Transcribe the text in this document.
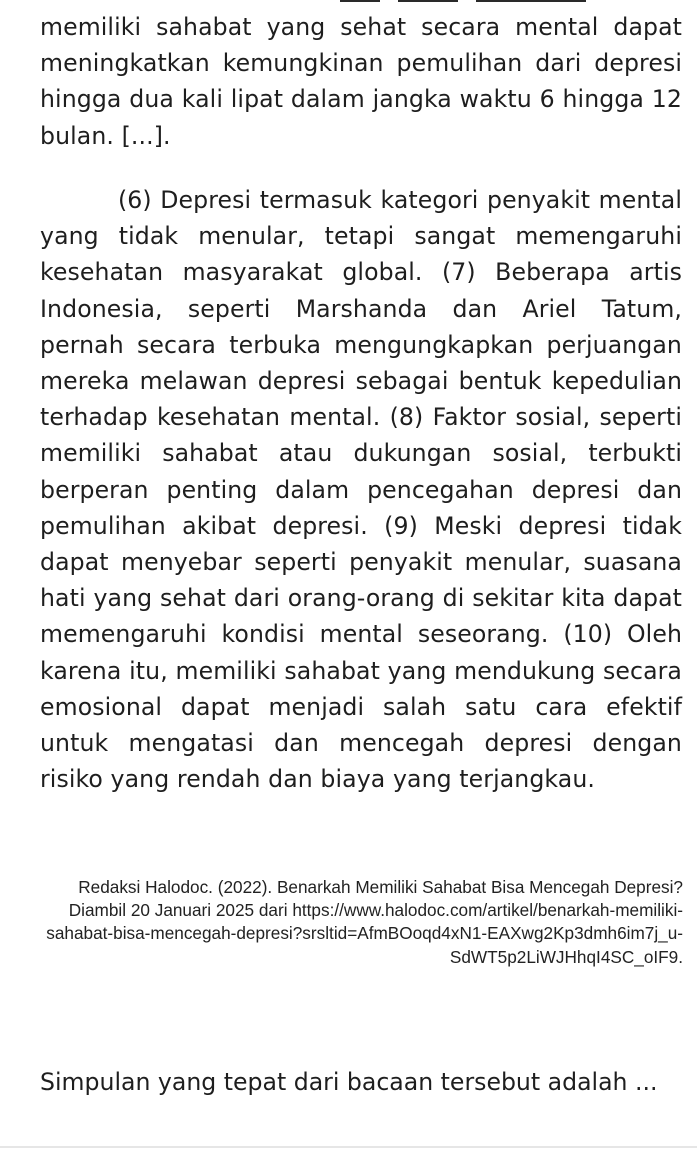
memiliki sahabat yang sehat secara mental dapat meningkatkan kemungkinan pemulihan dari depresi hingga dua kali lipat dalam jangka waktu 6 hingga 12 bulan. [...].

(6) Depresi termasuk kategori penyakit mental yang tidak menular, tetapi sangat memengaruhi kesehatan masyarakat global. (7) Beberapa artis Indonesia, seperti Marshanda dan Ariel Tatum, pernah secara terbuka mengungkapkan perjuangan mereka melawan depresi sebagai bentuk kepedulian terhadap kesehatan mental. (8) Faktor sosial, seperti memiliki sahabat atau dukungan sosial, terbukti berperan penting dalam pencegahan depresi dan pemulihan akibat depresi. (9) Meski depresi tidak dapat menyebar seperti penyakit menular, suasana hati yang sehat dari orang-orang di sekitar kita dapat memengaruhi kondisi mental seseorang. (10) Oleh karena itu, memiliki sahabat yang mendukung secara emosional dapat menjadi salah satu cara efektif untuk mengatasi dan mencegah depresi dengan risiko yang rendah dan biaya yang terjangkau.

Redaksi Halodoc. (2022). Benarkah Memiliki Sahabat Bisa Mencegah Depresi? Diambil 20 Januari 2025 dari https://www.halodoc.com/artikel/benarkah-memiliki-sahabat-bisa-mencegah-depresi?srsltid=AfmBOoqd4xN1-EAXwg2Kp3dmh6im7j_u-SdWT5p2LiWJHhqI4SC_oIF9.

Simpulan yang tepat dari bacaan tersebut adalah ...
